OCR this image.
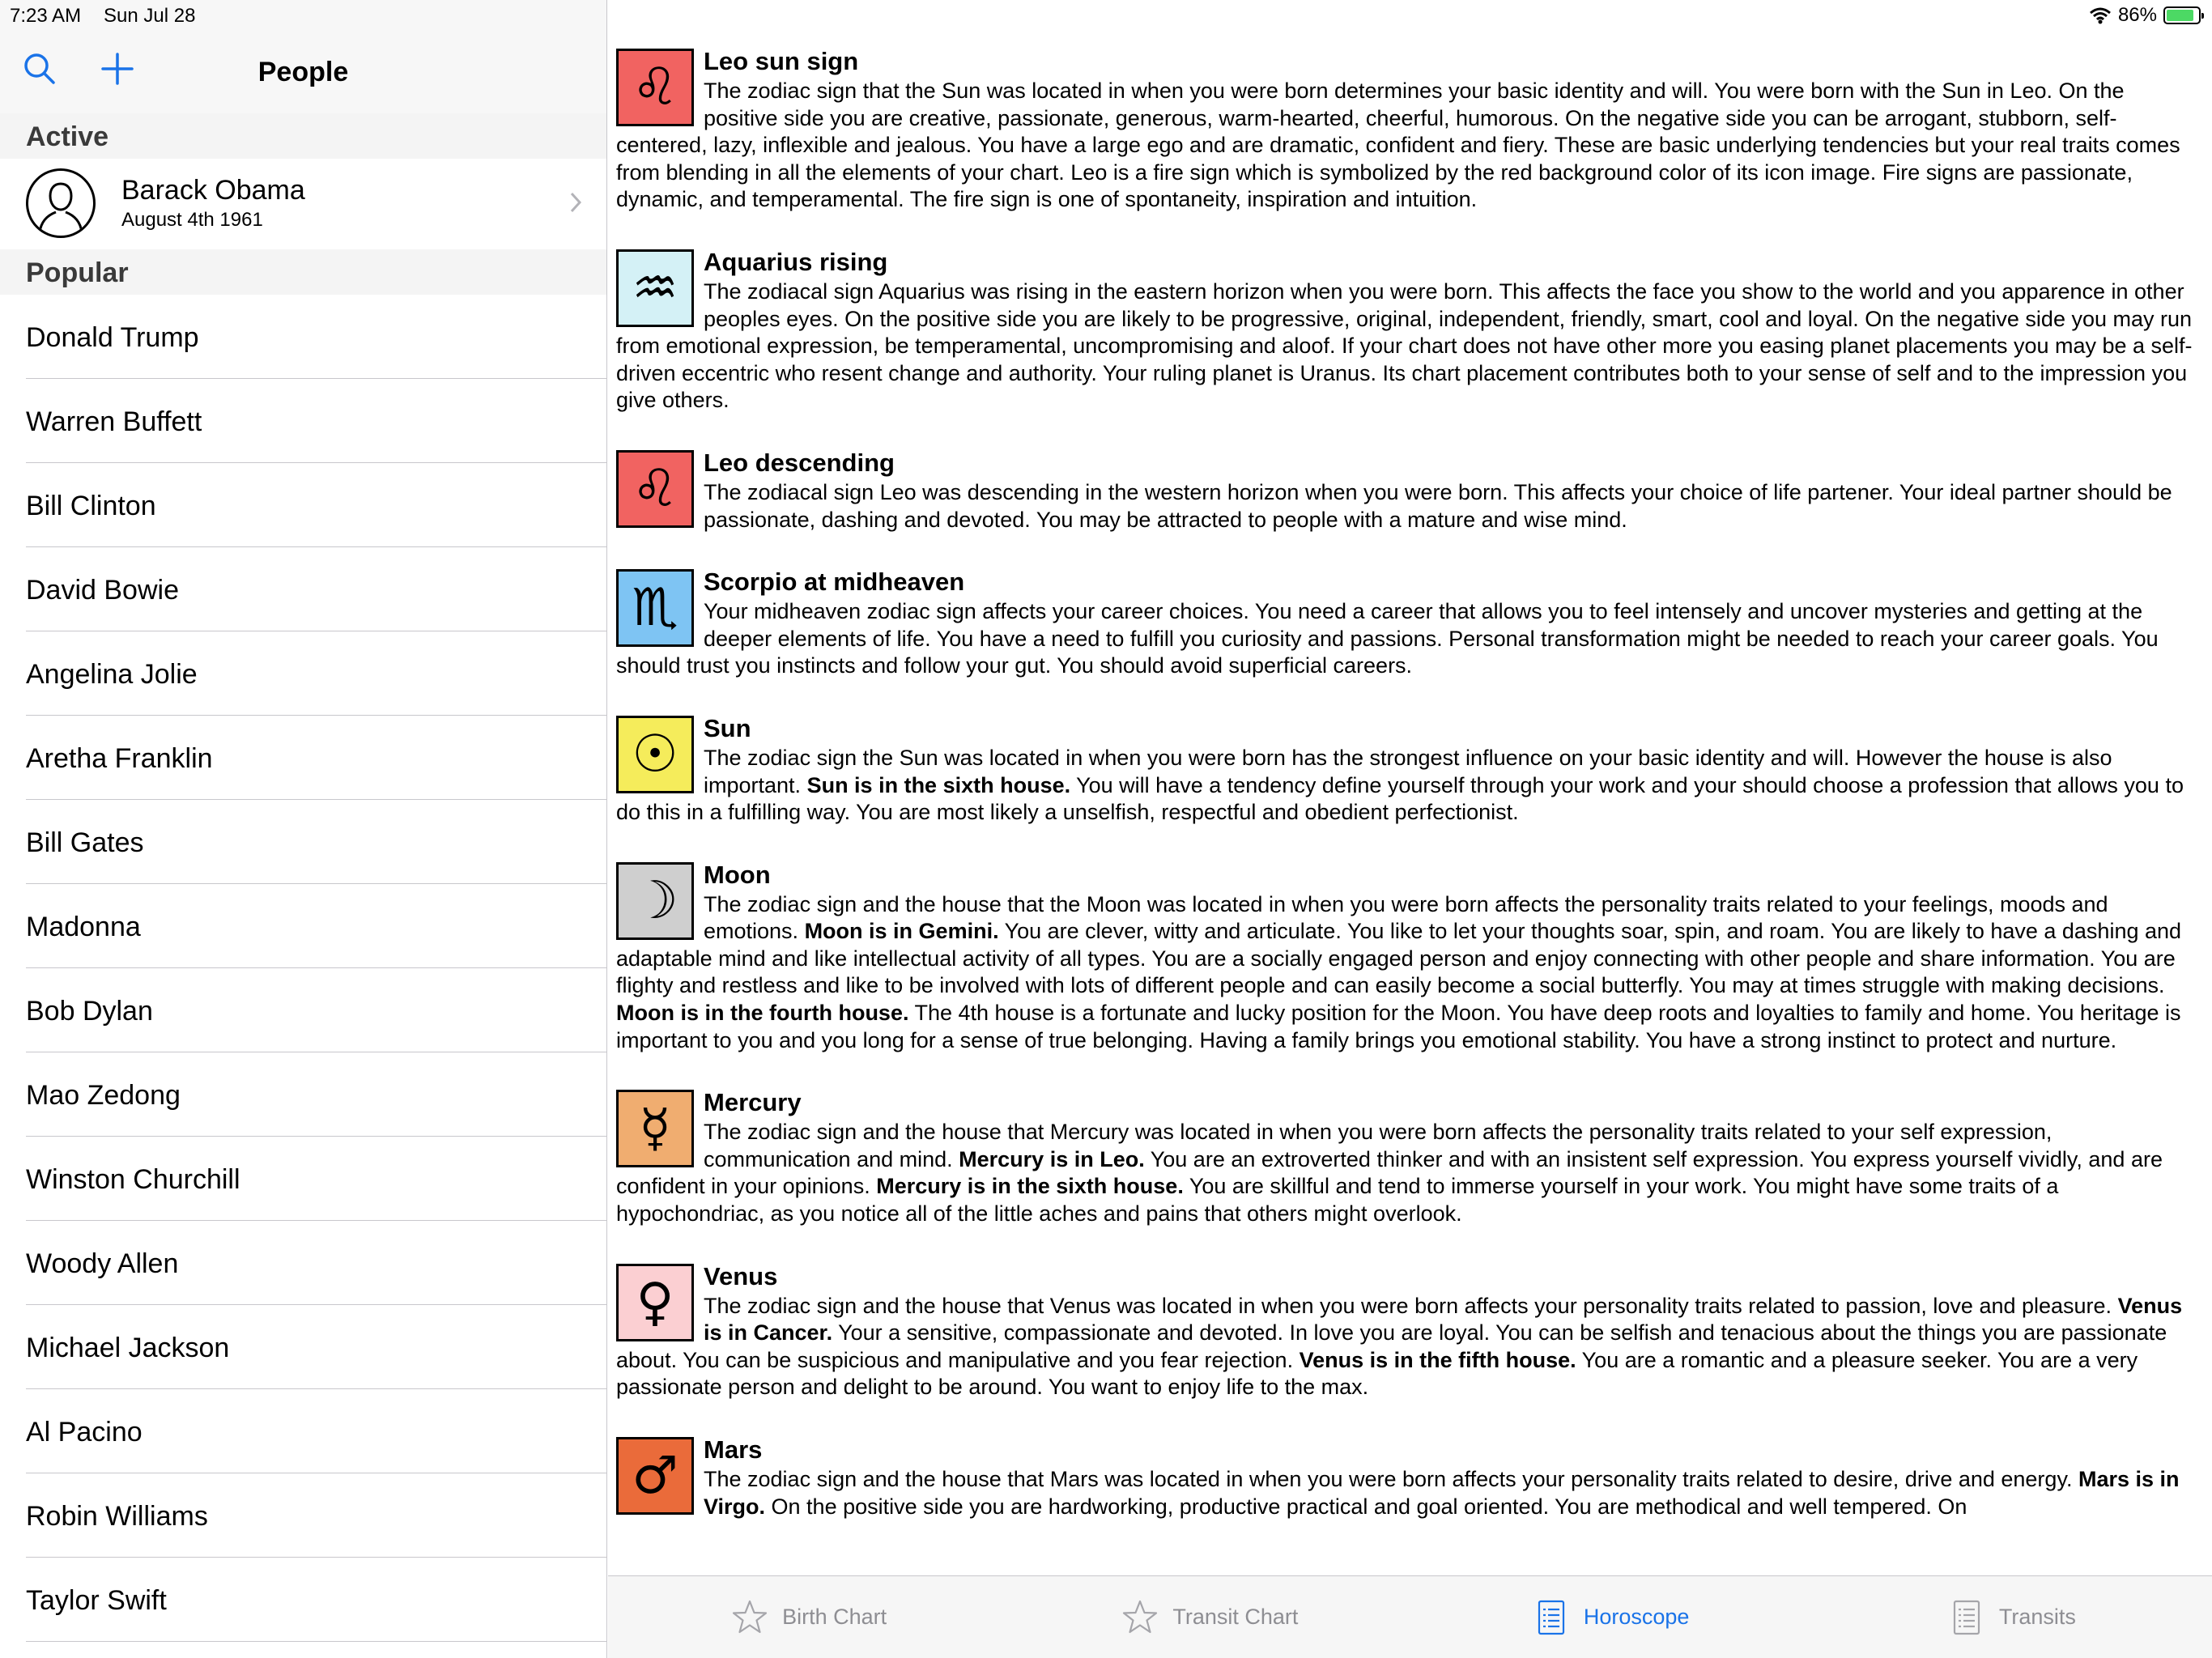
7:23 AM Sun Jul 28	86%
People
Active
Barack Obama
August 4th 1961
Popular
Donald Trump
Warren Buffett
Bill Clinton
David Bowie
Angelina Jolie
Aretha Franklin
Bill Gates
Madonna
Bob Dylan
Mao Zedong
Winston Churchill
Woody Allen
Michael Jackson
Al Pacino
Robin Williams
Taylor Swift
♌	Leo sun sign
The zodiac sign that the Sun was located in when you were born determines your basic identity and will. You were born with the Sun in Leo. On the positive side you are creative, passionate, generous, warm-hearted, cheerful, humorous. On the negative side you can be arrogant, stubborn, self-centered, lazy, inflexible and jealous. You have a large ego and are dramatic, confident and fiery. These are basic underlying tendencies but your real traits comes from blending in all the elements of your chart. Leo is a fire sign which is symbolized by the red background color of its icon image. Fire signs are passionate, dynamic, and temperamental. The fire sign is one of spontaneity, inspiration and intuition.
♒	Aquarius rising
The zodiacal sign Aquarius was rising in the eastern horizon when you were born. This affects the face you show to the world and you apparence in other peoples eyes. On the positive side you are likely to be progressive, original, independent, friendly, smart, cool and loyal. On the negative side you may run from emotional expression, be temperamental, uncompromising and aloof. If your chart does not have other more you easing planet placements you may be a self-driven eccentric who resent change and authority. Your ruling planet is Uranus. Its chart placement contributes both to your sense of self and to the impression you give others.
♌	Leo descending
The zodiacal sign Leo was descending in the western horizon when you were born. This affects your choice of life partener. Your ideal partner should be passionate, dashing and devoted. You may be attracted to people with a mature and wise mind.
♏	Scorpio at midheaven
Your midheaven zodiac sign affects your career choices. You need a career that allows you to feel intensely and uncover mysteries and getting at the deeper elements of life. You have a need to fulfill you curiosity and passions. Personal transformation might be needed to reach your career goals. You should trust you instincts and follow your gut. You should avoid superficial careers.
☉	Sun
The zodiac sign the Sun was located in when you were born has the strongest influence on your basic identity and will. However the house is also important. Sun is in the sixth house. You will have a tendency define yourself through your work and your should choose a profession that allows you to do this in a fulfilling way. You are most likely a unselfish, respectful and obedient perfectionist.
☽	Moon
The zodiac sign and the house that the Moon was located in when you were born affects the personality traits related to your feelings, moods and emotions. Moon is in Gemini. You are clever, witty and articulate. You like to let your thoughts soar, spin, and roam. You are likely to have a dashing and adaptable mind and like intellectual activity of all types. You are a socially engaged person and enjoy connecting with other people and share information. You are flighty and restless and like to be involved with lots of different people and can easily become a social butterfly. You may at times struggle with making decisions. Moon is in the fourth house. The 4th house is a fortunate and lucky position for the Moon. You have deep roots and loyalties to family and home. You heritage is important to you and you long for a sense of true belonging. Having a family brings you emotional stability. You have a strong instinct to protect and nurture.
☿	Mercury
The zodiac sign and the house that Mercury was located in when you were born affects the personality traits related to your self expression, communication and mind. Mercury is in Leo. You are an extroverted thinker and with an insistent self expression. You express yourself vividly, and are confident in your opinions. Mercury is in the sixth house. You are skillful and tend to immerse yourself in your work. You might have some traits of a hypochondriac, as you notice all of the little aches and pains that others might overlook.
♀	Venus
The zodiac sign and the house that Venus was located in when you were born affects your personality traits related to passion, love and pleasure. Venus is in Cancer. Your a sensitive, compassionate and devoted. In love you are loyal. You can be selfish and tenacious about the things you are passionate about. You can be suspicious and manipulative and you fear rejection. Venus is in the fifth house. You are a romantic and a pleasure seeker. You are a very passionate person and delight to be around. You want to enjoy life to the max.
♂	Mars
The zodiac sign and the house that Mars was located in when you were born affects your personality traits related to desire, drive and energy. Mars is in Virgo. On the positive side you are hardworking, productive practical and goal oriented. You are methodical and well tempered. On
Birth Chart	Transit Chart	Horoscope	Transits
